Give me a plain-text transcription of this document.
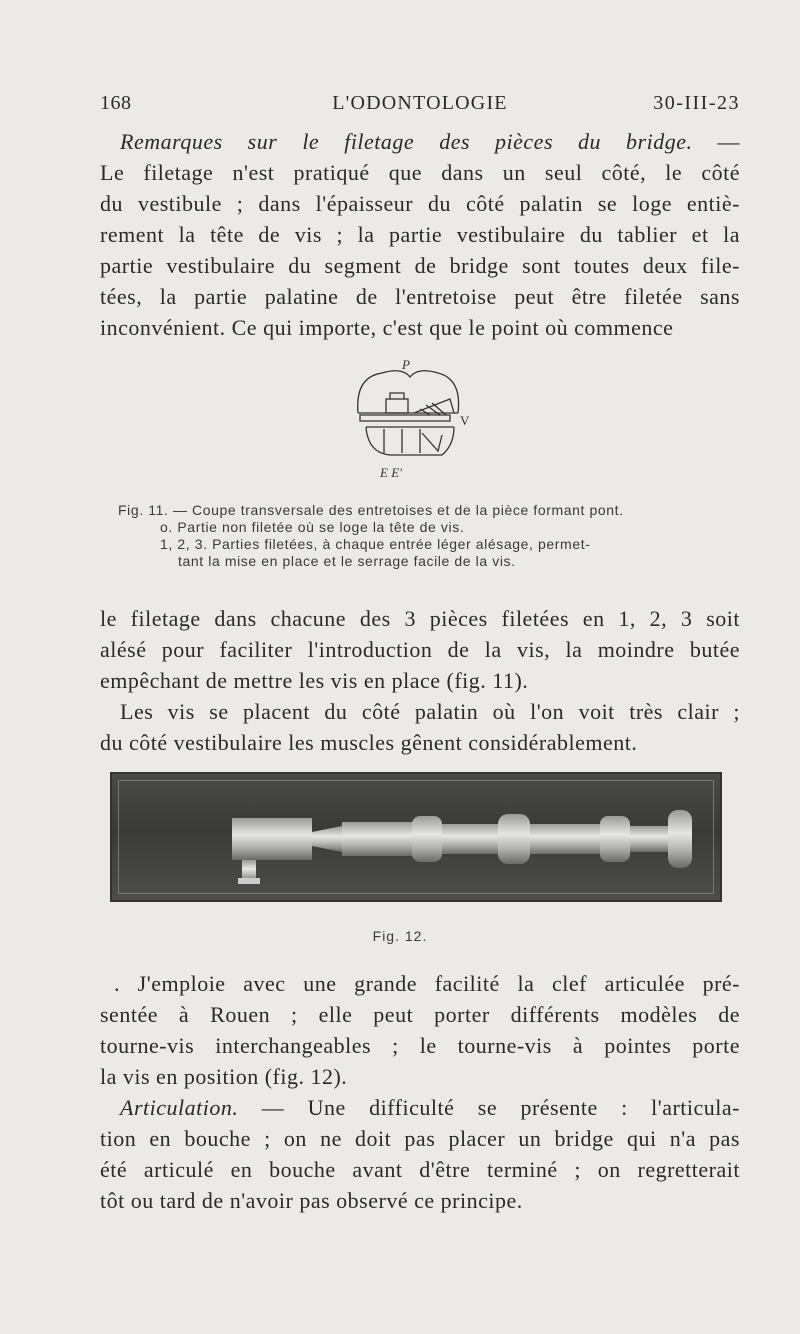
168	L'ODONTOLOGIE	30-III-23
Remarques sur le filetage des pièces du bridge. —
Le filetage n'est pratiqué que dans un seul côté, le côté
du vestibule ; dans l'épaisseur du côté palatin se loge entiè-
rement la tête de vis ; la partie vestibulaire du tablier et la
partie vestibulaire du segment de bridge sont toutes deux file-
tées, la partie palatine de l'entretoise peut être filetée sans
inconvénient. Ce qui importe, c'est que le point où commence
P
V
E E'
Fig. 11. — Coupe transversale des entretoises et de la pièce formant pont.
o. Partie non filetée où se loge la tête de vis.
1, 2, 3. Parties filetées, à chaque entrée léger alésage, permet-
tant la mise en place et le serrage facile de la vis.
le filetage dans chacune des 3 pièces filetées en 1, 2, 3 soit
alésé pour faciliter l'introduction de la vis, la moindre butée
empêchant de mettre les vis en place (fig. 11).
Les vis se placent du côté palatin où l'on voit très clair ;
du côté vestibulaire les muscles gênent considérablement.
Fig. 12.
. J'emploie avec une grande facilité la clef articulée pré-
sentée à Rouen ; elle peut porter différents modèles de
tourne-vis interchangeables ; le tourne-vis à pointes porte
la vis en position (fig. 12).
Articulation. — Une difficulté se présente : l'articula-
tion en bouche ; on ne doit pas placer un bridge qui n'a pas
été articulé en bouche avant d'être terminé ; on regretterait
tôt ou tard de n'avoir pas observé ce principe.
